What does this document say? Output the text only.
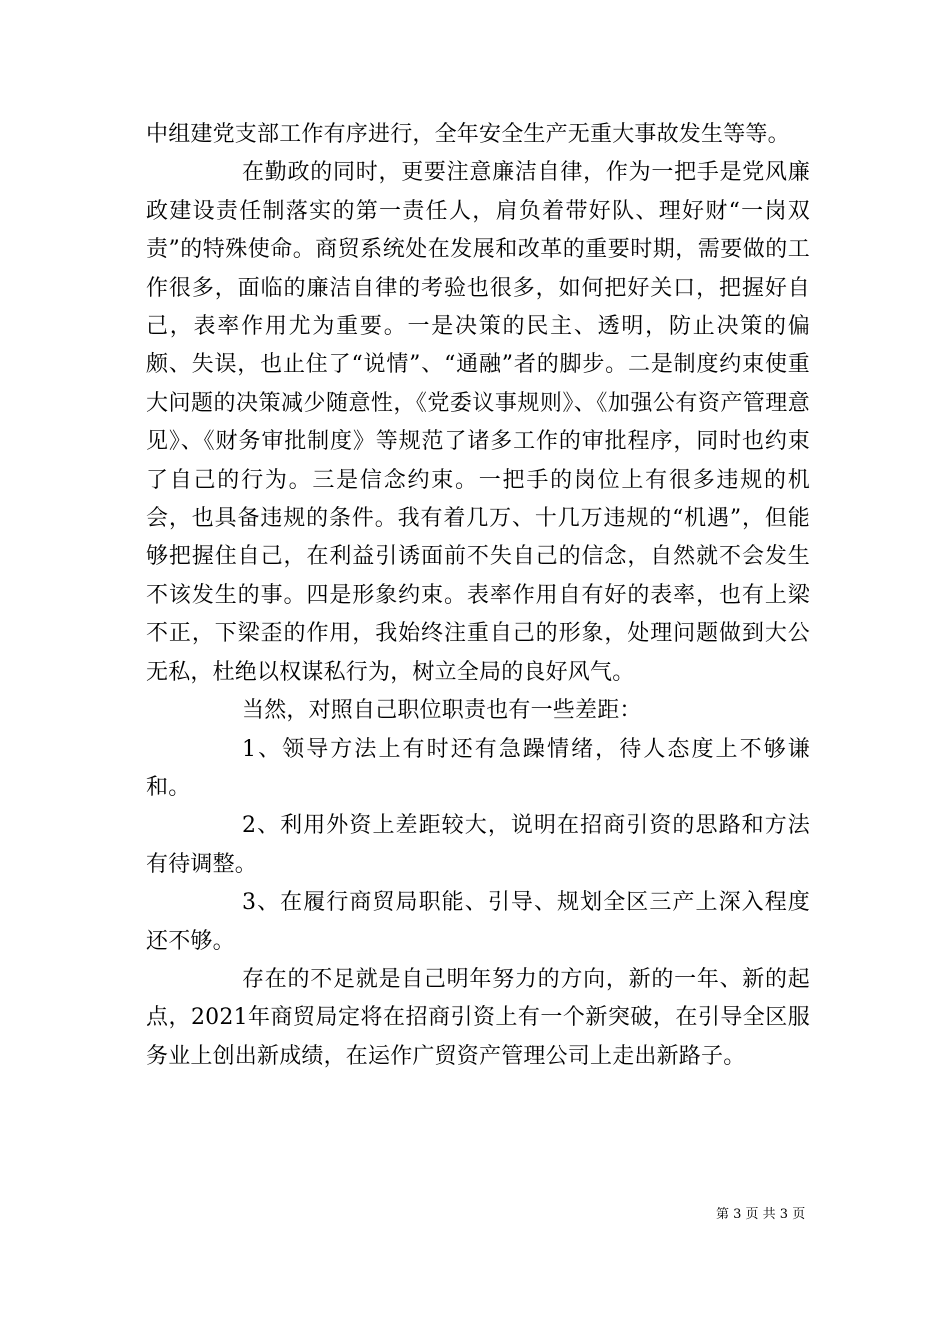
中组建党支部工作有序进行，全年安全生产无重大事故发生等等。

在勤政的同时，更要注意廉洁自律，作为一把手是党风廉政建设责任制落实的第一责任人，肩负着带好队、理好财“一岗双责”的特殊使命。商贸系统处在发展和改革的重要时期，需要做的工作很多，面临的廉洁自律的考验也很多，如何把好关口，把握好自己，表率作用尤为重要。一是决策的民主、透明，防止决策的偏颇、失误，也止住了“说情”、“通融”者的脚步。二是制度约束使重大问题的决策减少随意性，《党委议事规则》、《加强公有资产管理意见》、《财务审批制度》等规范了诸多工作的审批程序，同时也约束了自己的行为。三是信念约束。一把手的岗位上有很多违规的机会，也具备违规的条件。我有着几万、十几万违规的“机遇”，但能够把握住自己，在利益引诱面前不失自己的信念，自然就不会发生不该发生的事。四是形象约束。表率作用自有好的表率，也有上梁不正，下梁歪的作用，我始终注重自己的形象，处理问题做到大公无私，杜绝以权谋私行为，树立全局的良好风气。

当然，对照自己职位职责也有一些差距：

1、领导方法上有时还有急躁情绪，待人态度上不够谦和。

2、利用外资上差距较大，说明在招商引资的思路和方法有待调整。

3、在履行商贸局职能、引导、规划全区三产上深入程度还不够。

存在的不足就是自己明年努力的方向，新的一年、新的起点，2021年商贸局定将在招商引资上有一个新突破，在引导全区服务业上创出新成绩，在运作广贸资产管理公司上走出新路子。

第 3 页 共 3 页
